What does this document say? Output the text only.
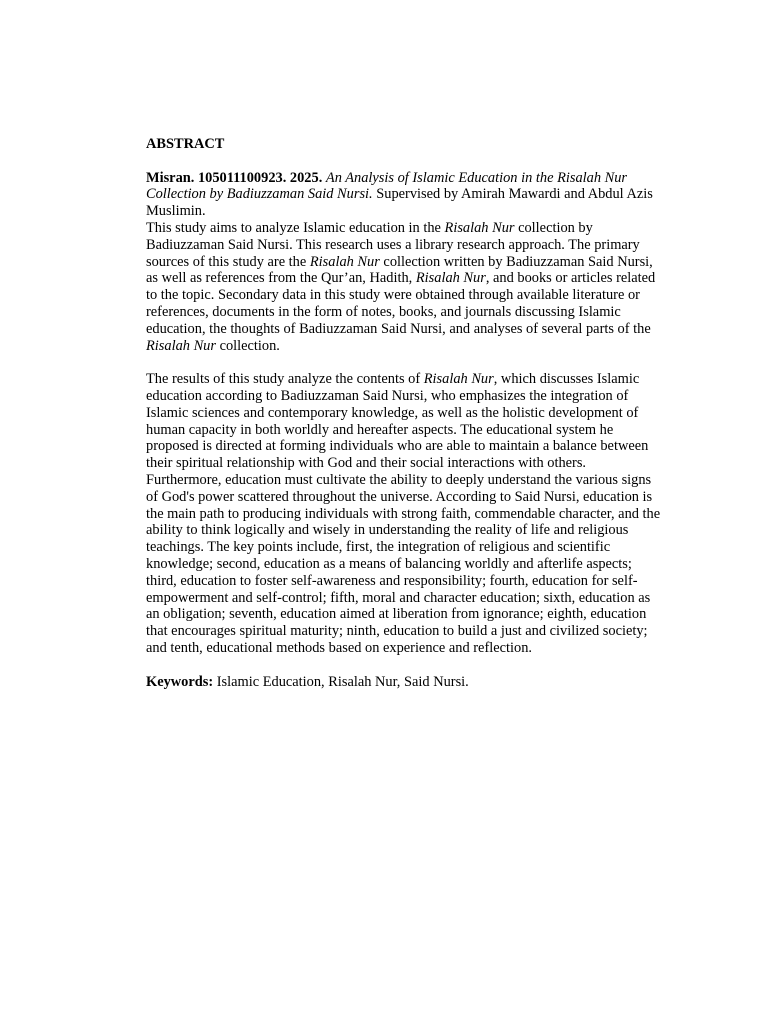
ABSTRACT

Misran. 105011100923. 2025. An Analysis of Islamic Education in the Risalah Nur Collection by Badiuzzaman Said Nursi. Supervised by Amirah Mawardi and Abdul Azis Muslimin.

This study aims to analyze Islamic education in the Risalah Nur collection by Badiuzzaman Said Nursi. This research uses a library research approach. The primary sources of this study are the Risalah Nur collection written by Badiuzzaman Said Nursi, as well as references from the Qur’an, Hadith, Risalah Nur, and books or articles related to the topic. Secondary data in this study were obtained through available literature or references, documents in the form of notes, books, and journals discussing Islamic education, the thoughts of Badiuzzaman Said Nursi, and analyses of several parts of the Risalah Nur collection.

The results of this study analyze the contents of Risalah Nur, which discusses Islamic education according to Badiuzzaman Said Nursi, who emphasizes the integration of Islamic sciences and contemporary knowledge, as well as the holistic development of human capacity in both worldly and hereafter aspects. The educational system he proposed is directed at forming individuals who are able to maintain a balance between their spiritual relationship with God and their social interactions with others. Furthermore, education must cultivate the ability to deeply understand the various signs of God's power scattered throughout the universe. According to Said Nursi, education is the main path to producing individuals with strong faith, commendable character, and the ability to think logically and wisely in understanding the reality of life and religious teachings. The key points include, first, the integration of religious and scientific knowledge; second, education as a means of balancing worldly and afterlife aspects; third, education to foster self-awareness and responsibility; fourth, education for self-empowerment and self-control; fifth, moral and character education; sixth, education as an obligation; seventh, education aimed at liberation from ignorance; eighth, education that encourages spiritual maturity; ninth, education to build a just and civilized society; and tenth, educational methods based on experience and reflection.

Keywords: Islamic Education, Risalah Nur, Said Nursi.
